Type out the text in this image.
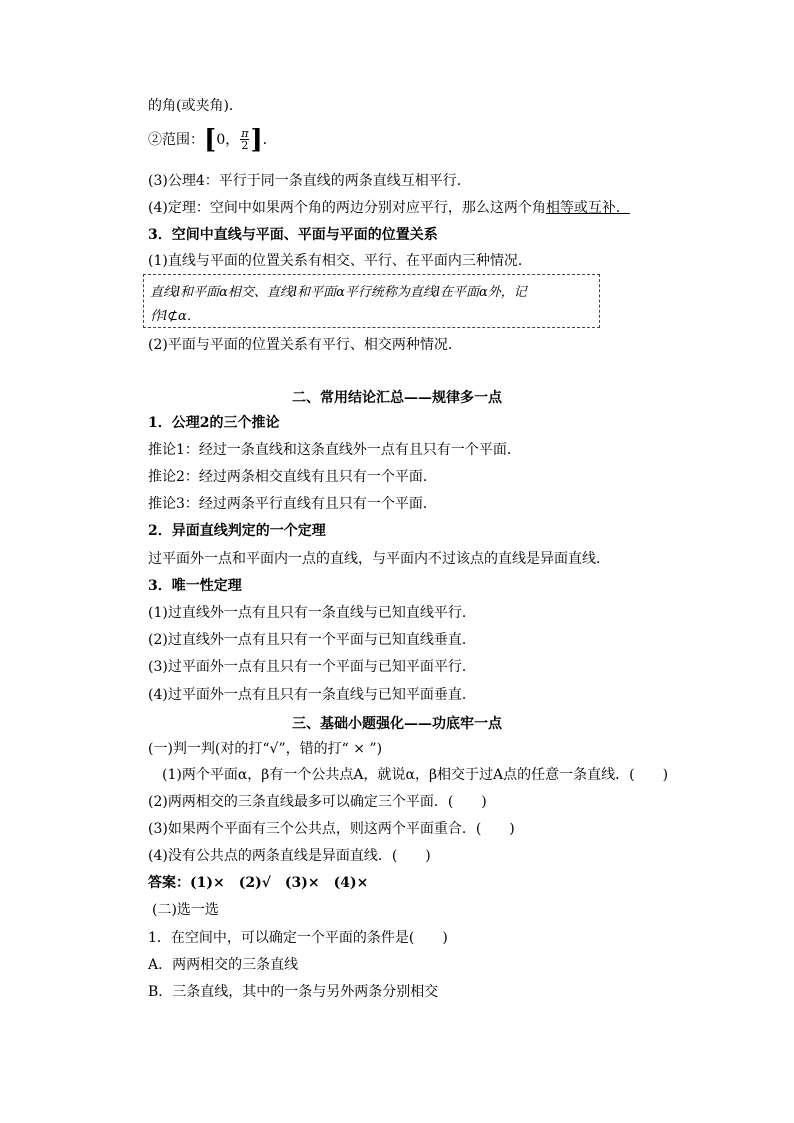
的角(或夹角)．
②范围： [ 0， $\frac{\pi}{2}$ ] ．
(3)公理4：平行于同一条直线的两条直线互相平行．
(4)定理：空间中如果两个角的两边分别对应平行，那么这两个角相等或互补．
3．空间中直线与平面、平面与平面的位置关系
(1)直线与平面的位置关系有相交、平行、在平面内三种情况．
直线l和平面α相交、直线l和平面α平行统称为直线l在平面α外，记
作l⊄α．
(2)平面与平面的位置关系有平行、相交两种情况．
二、常用结论汇总——规律多一点
1．公理2的三个推论
推论1：经过一条直线和这条直线外一点有且只有一个平面．
推论2：经过两条相交直线有且只有一个平面．
推论3：经过两条平行直线有且只有一个平面．
2．异面直线判定的一个定理
过平面外一点和平面内一点的直线，与平面内不过该点的直线是异面直线．
3．唯一性定理
(1)过直线外一点有且只有一条直线与已知直线平行．
(2)过直线外一点有且只有一个平面与已知直线垂直．
(3)过平面外一点有且只有一个平面与已知平面平行．
(4)过平面外一点有且只有一条直线与已知平面垂直．
三、基础小题强化——功底牢一点
(一)判一判(对的打“√”，错的打“ × ”)
(1)两个平面α，β有一个公共点A，就说α，β相交于过A点的任意一条直线．(　　)
(2)两两相交的三条直线最多可以确定三个平面．(　　)
(3)如果两个平面有三个公共点，则这两个平面重合．(　　)
(4)没有公共点的两条直线是异面直线．(　　)
答案：(1)×　(2)√　(3)×　(4)×
(二)选一选
1．在空间中，可以确定一个平面的条件是(　　)
A．两两相交的三条直线
B．三条直线，其中的一条与另外两条分别相交
